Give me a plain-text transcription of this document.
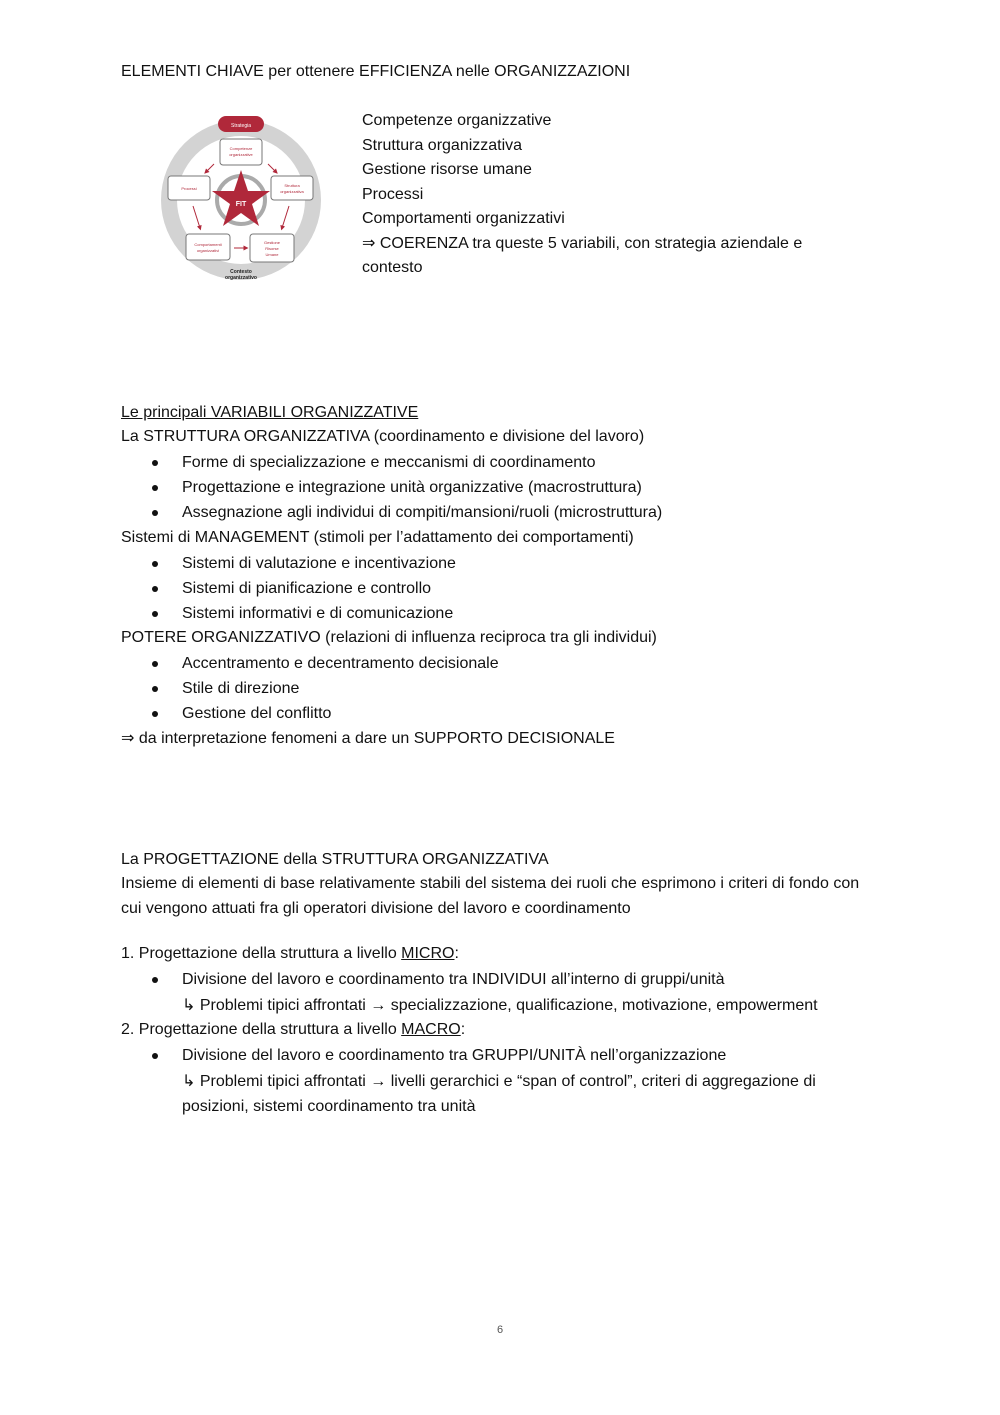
ELEMENTI CHIAVE per ottenere EFFICIENZA nelle ORGANIZZAZIONI
Strategia
Competenze
organizzative
Processi
Struttura
organizzativa
Comportamenti
organizzativi
Gestione
Risorse
Umane
FIT
Contesto
organizzativo
Competenze organizzative
Struttura organizzativa
Gestione risorse umane
Processi
Comportamenti organizzativi
⇒ COERENZA tra queste 5 variabili, con strategia aziendale e
contesto
Le principali VARIABILI ORGANIZZATIVE
La STRUTTURA ORGANIZZATIVA (coordinamento e divisione del lavoro)
Forme di specializzazione e meccanismi di coordinamento
Progettazione e integrazione unità organizzative (macrostruttura)
Assegnazione agli individui di compiti/mansioni/ruoli (microstruttura)
Sistemi di MANAGEMENT (stimoli per l’adattamento dei comportamenti)
Sistemi di valutazione e incentivazione
Sistemi di pianificazione e controllo
Sistemi informativi e di comunicazione
POTERE ORGANIZZATIVO (relazioni di influenza reciproca tra gli individui)
Accentramento e decentramento decisionale
Stile di direzione
Gestione del conflitto
⇒ da interpretazione fenomeni a dare un SUPPORTO DECISIONALE
La PROGETTAZIONE della STRUTTURA ORGANIZZATIVA
Insieme di elementi di base relativamente stabili del sistema dei ruoli che esprimono i criteri di fondo con cui vengono attuati fra gli operatori divisione del lavoro e coordinamento
1. Progettazione della struttura a livello MICRO:
Divisione del lavoro e coordinamento tra INDIVIDUI all’interno di gruppi/unità
↳ Problemi tipici affrontati → specializzazione, qualificazione, motivazione, empowerment
2. Progettazione della struttura a livello MACRO:
Divisione del lavoro e coordinamento tra GRUPPI/UNITÀ nell’organizzazione
↳ Problemi tipici affrontati → livelli gerarchici e “span of control”, criteri di aggregazione di posizioni, sistemi coordinamento tra unità
6
